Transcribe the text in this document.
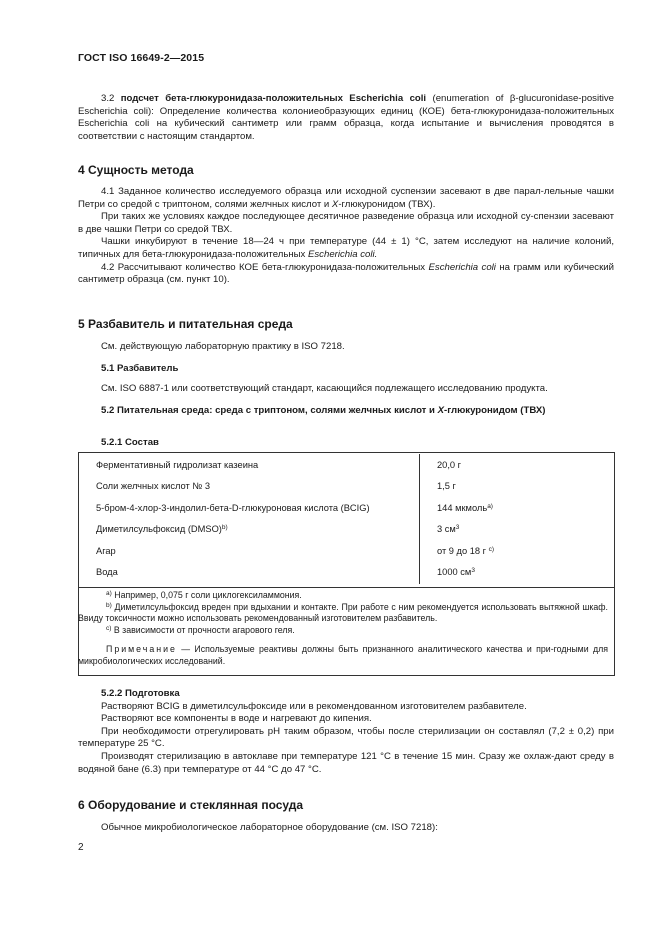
ГОСТ ISO 16649-2—2015

3.2 подсчет бета-глюкуронидаза-положительных Escherichia coli (enumeration of β-glucuronidase-positive Escherichia coli): Определение количества колониеобразующих единиц (КОЕ) бета-глюкуронидаза-положительных Escherichia coli на кубический сантиметр или грамм образца, когда испытание и вычисления проводятся в соответствии с настоящим стандартом.

4 Сущность метода

4.1 Заданное количество исследуемого образца или исходной суспензии засевают в две парал-лельные чашки Петри со средой с триптоном, солями желчных кислот и Х-глюкуронидом (ТВХ).

При таких же условиях каждое последующее десятичное разведение образца или исходной су-спензии засевают в две чашки Петри со средой ТВХ.

Чашки инкубируют в течение 18—24 ч при температуре (44 ± 1) °С, затем исследуют на наличие колоний, типичных для бета-глюкуронидаза-положительных Escherichia coli.

4.2 Рассчитывают количество КОЕ бета-глюкуронидаза-положительных Escherichia coli на грамм или кубический сантиметр образца (см. пункт 10).

5 Разбавитель и питательная среда

См. действующую лабораторную практику в ISO 7218.

5.1 Разбавитель

См. ISO 6887-1 или соответствующий стандарт, касающийся подлежащего исследованию продукта.

5.2 Питательная среда: среда с триптоном, солями желчных кислот и Х-глюкуронидом (ТВХ)

5.2.1 Состав

Ферментативный гидролизат казеина	20,0 г
Соли желчных кислот № 3	1,5 г
5-бром-4-хлор-3-индолил-бета-D-глюкуроновая кислота (BCIG)	144 мкмоль$^{a)}$
Диметилсульфоксид (DMSO)$^{b)}$	3 $см^3$
Агар	от 9 до 18 г $^{c)}$
Вода	1000 $см^3$

$^{a)}$ Например, 0,075 г соли циклогексиламмония.

$^{b)}$ Диметилсульфоксид вреден при вдыхании и контакте. При работе с ним рекомендуется использовать вытяжной шкаф. Ввиду токсичности можно использовать рекомендованный изготовителем разбавитель.

$^{c)}$ В зависимости от прочности агарового геля.

Примечание — Используемые реактивы должны быть признанного аналитического качества и при-годными для микробиологических исследований.

5.2.2 Подготовка

Растворяют BCIG в диметилсульфоксиде или в рекомендованном изготовителем разбавителе.

Растворяют все компоненты в воде и нагревают до кипения.

При необходимости отрегулировать pH таким образом, чтобы после стерилизации он составлял (7,2 ± 0,2) при температуре 25 °С.

Производят стерилизацию в автоклаве при температуре 121 °С в течение 15 мин. Сразу же охлаж-дают среду в водяной бане (6.3) при температуре от 44 °С до 47 °С.

6 Оборудование и стеклянная посуда

Обычное микробиологическое лабораторное оборудование (см. ISO 7218):

2
